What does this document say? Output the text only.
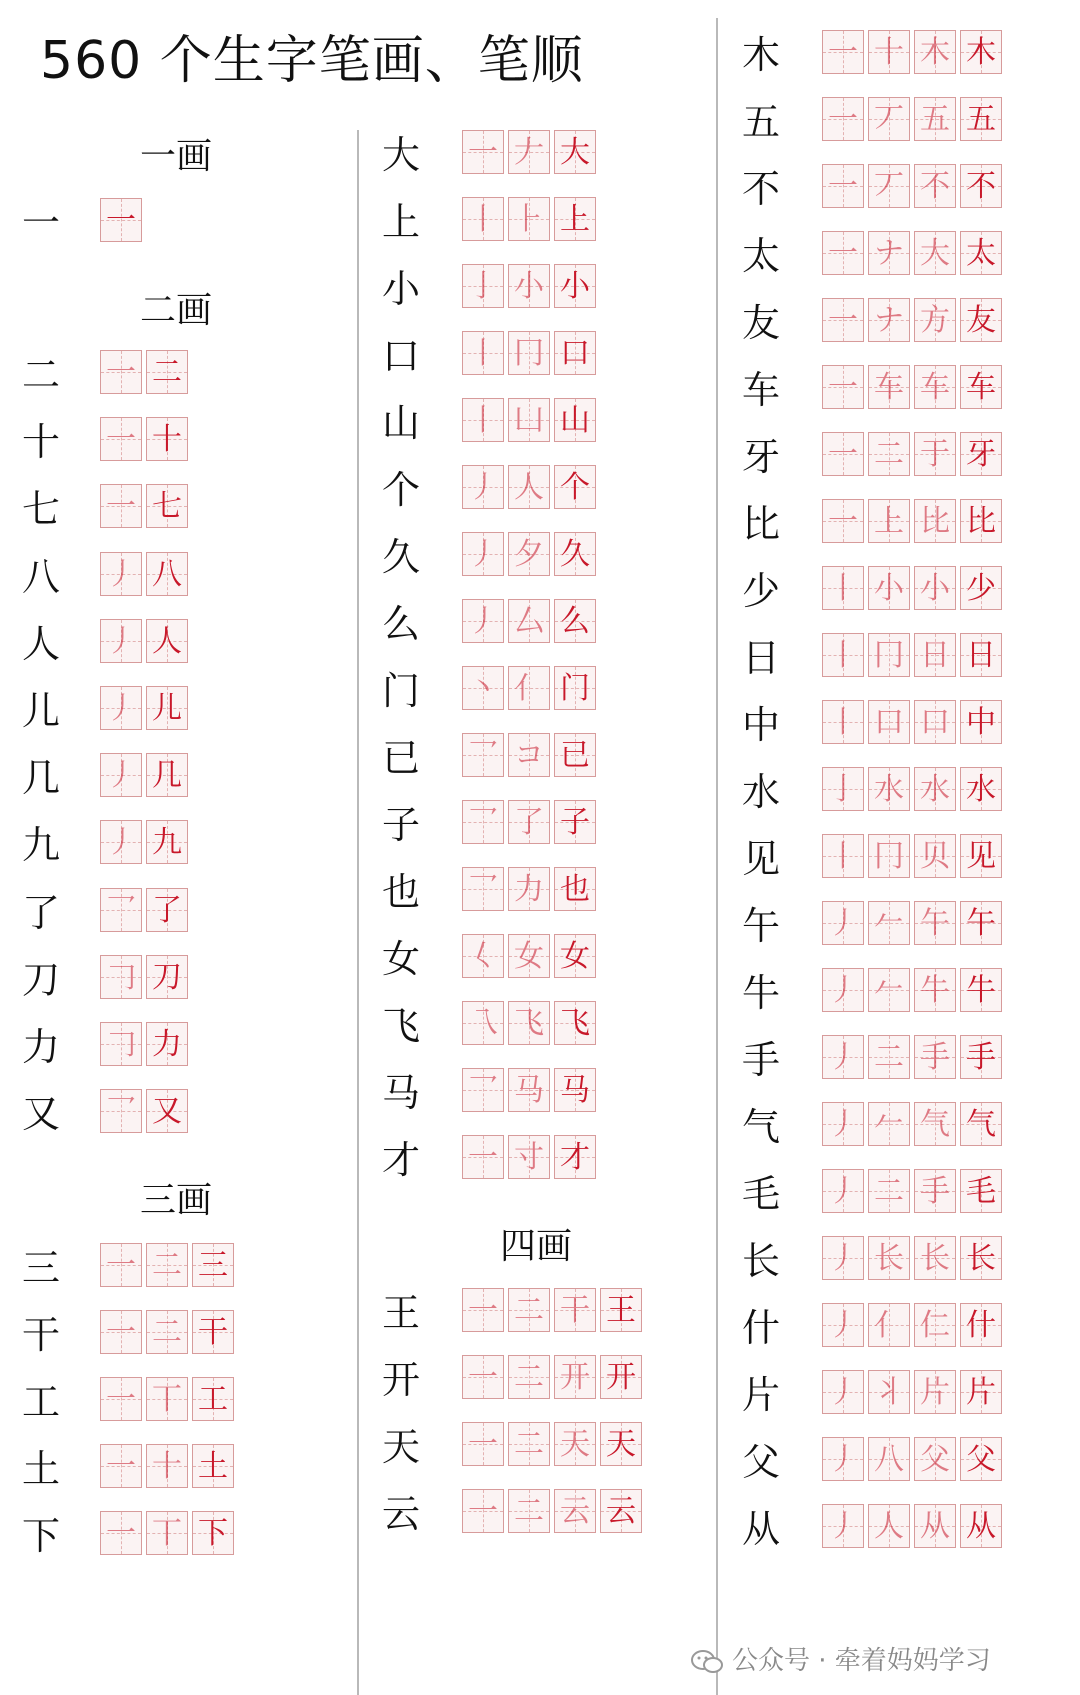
560 个生字笔画、笔顺
一画
二画
三画
四画
一 一
二 一 二
十 一 十
七 一 七
八 丿 八
人 丿 人
儿 丿 儿
几 丿 几
九 丿 九
了 乛 了
刀 𠃌 刀
力 𠃌 力
又 乛 又
三 一 二 三
干 一 二 干
工 一 丅 工
土 一 十 土
下 一 丅 下
大 一 𠂇 大
上 丨 ⺊ 上
小 亅 小 小
口 丨 冂 口
山 丨 凵 山
个 丿 人 个
久 丿 夕 久
么 丿 厶 么
门 丶 亻 门
已 乛 コ 已
子 乛 了 子
也 乛 力 也
女 𡿨 女 女
飞 乁 飞 飞
马 乛 马 马
才 一 寸 才
王 一 二 干 王
开 一 二 开 开
天 一 二 天 天
云 一 二 云 云
木 一 十 木 木
五 一 丆 五 五
不 一 丆 不 不
太 一 ナ 大 太
友 一 ナ 方 友
车 一 车 车 车
牙 一 二 于 牙
比 一 上 比 比
少 丨 小 小 少
日 丨 冂 日 日
中 丨 口 口 中
水 亅 水 水 水
见 丨 冂 贝 见
午 丿 𠂉 午 午
牛 丿 𠂉 牛 牛
手 丿 二 手 手
气 丿 𠂉 气 气
毛 丿 二 手 毛
长 丿 长 长 长
什 丿 亻 仁 什
片 丿 丬 片 片
父 丿 八 父 父
从 丿 人 从 从
公众号 · 牵着妈妈学习
